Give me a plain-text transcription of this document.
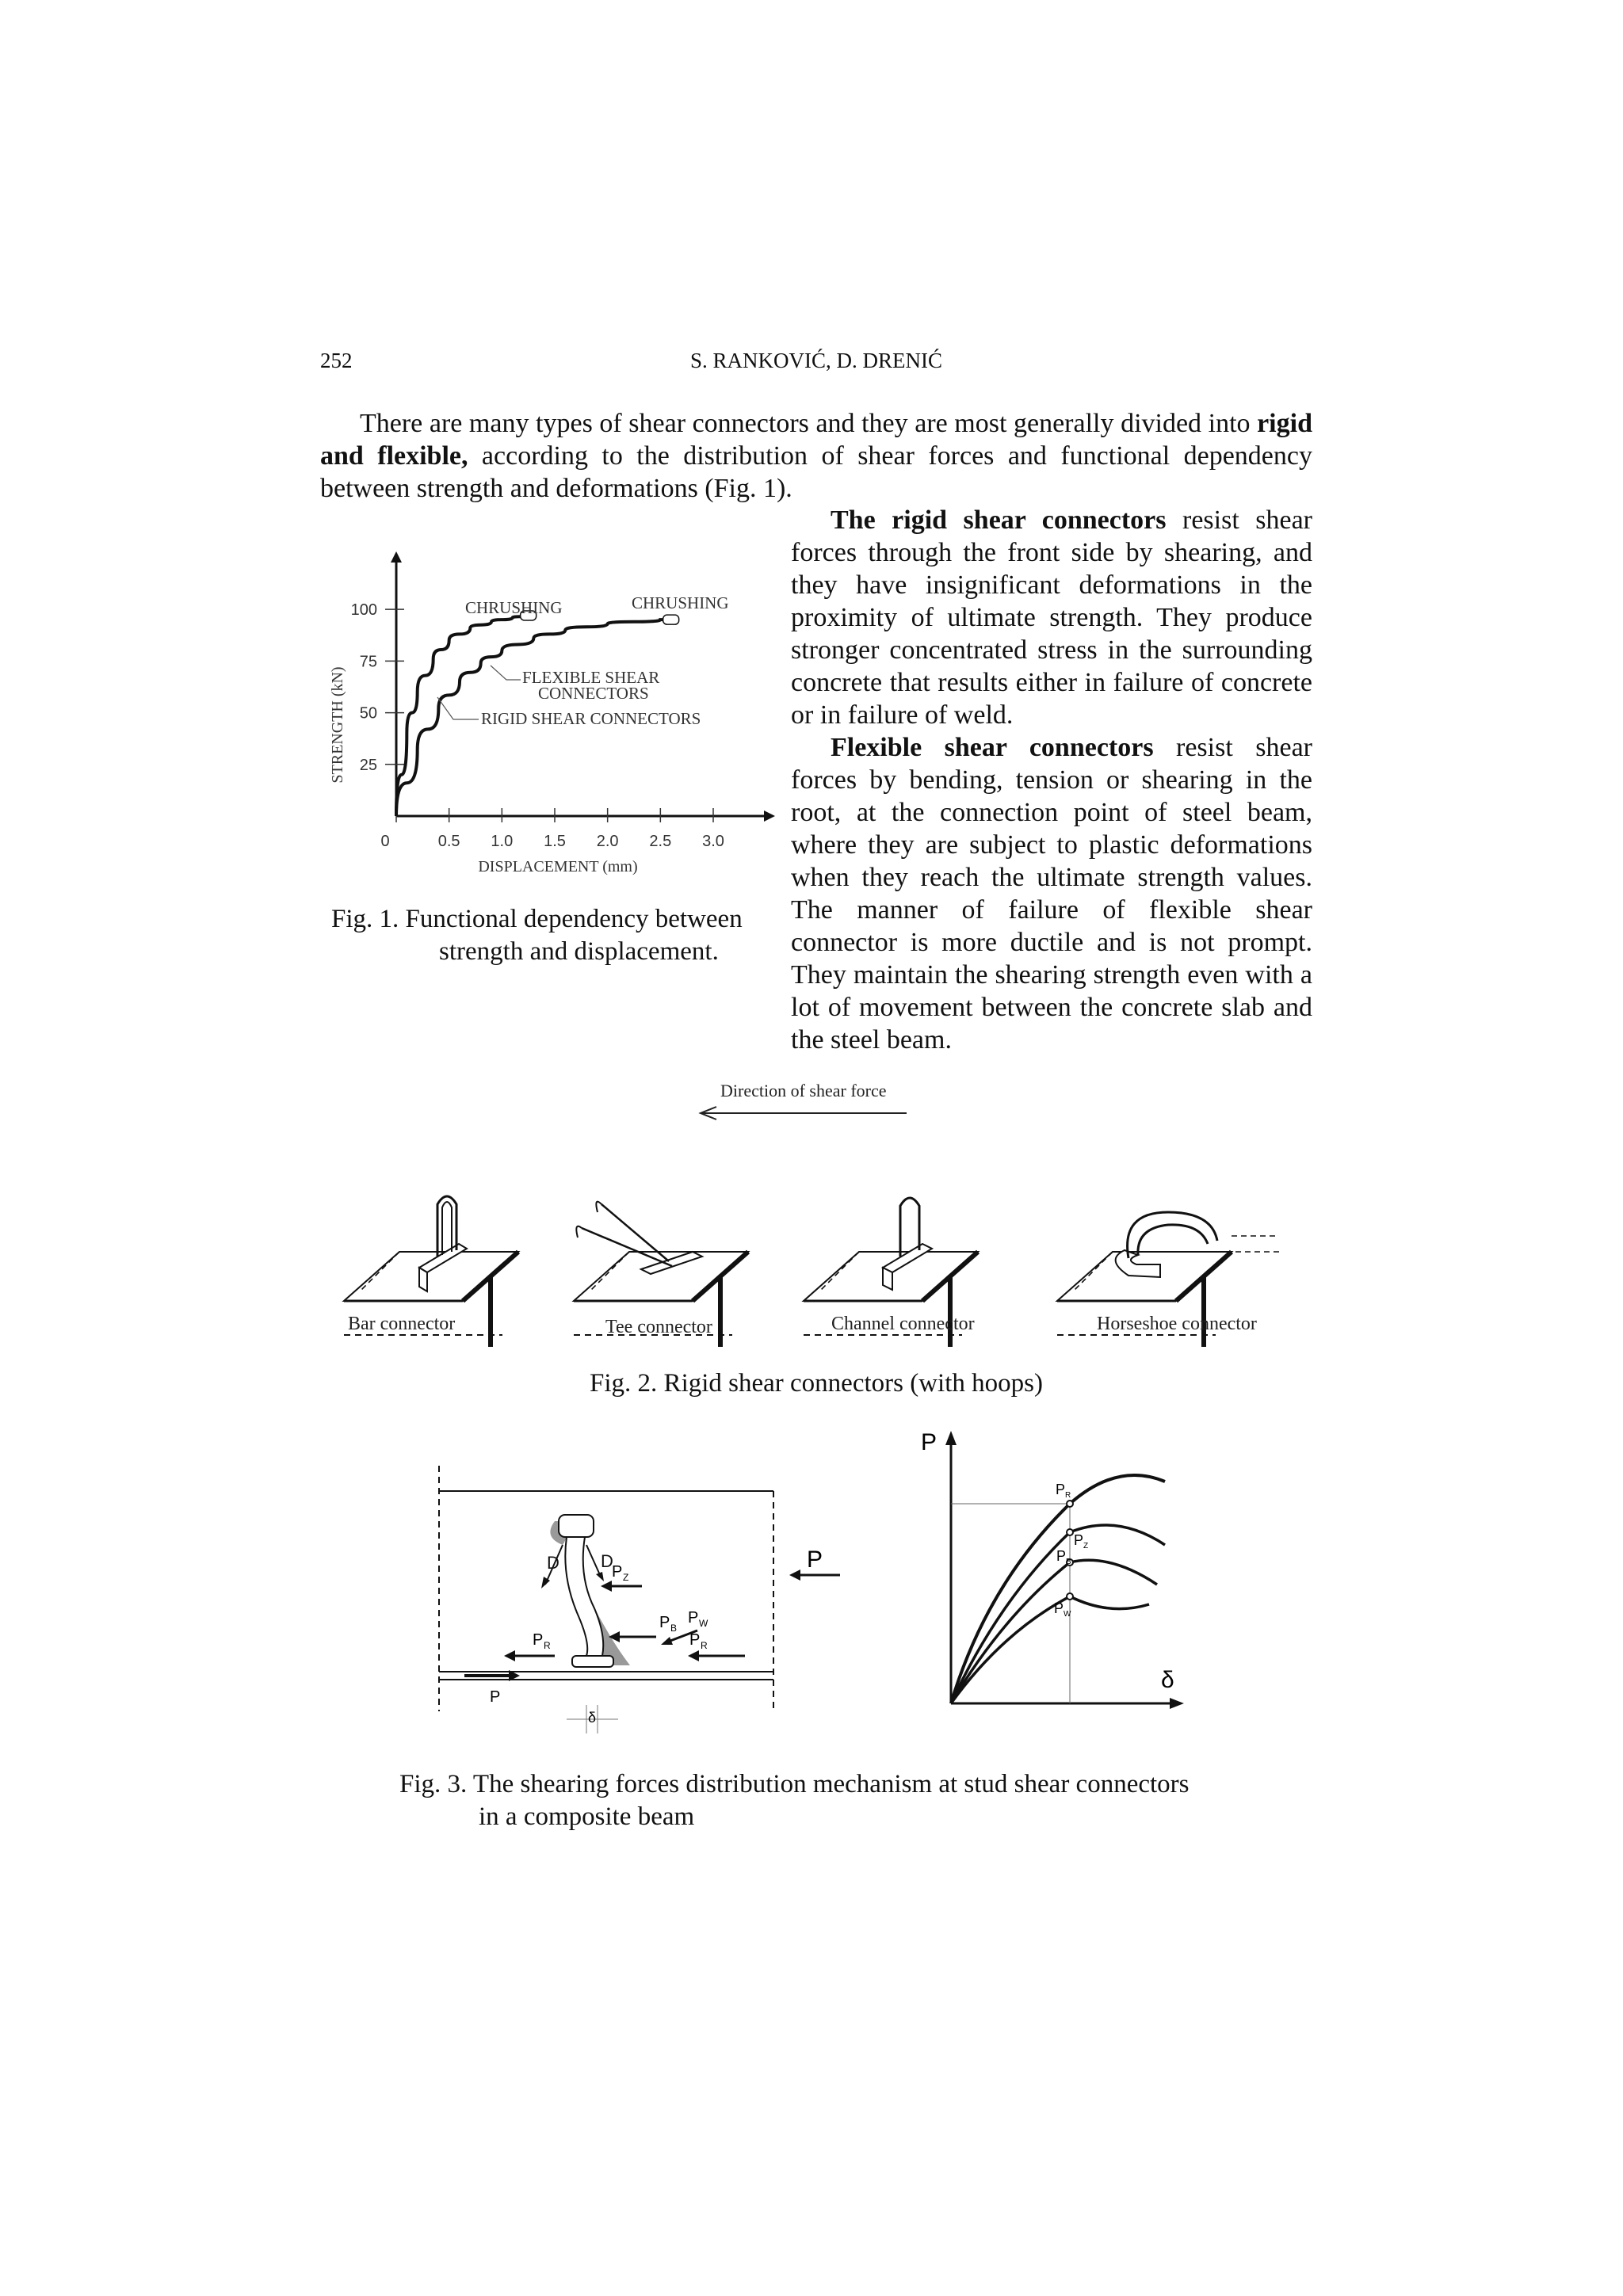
252	S. RANKOVIĆ, D. DRENIĆ

There are many types of shear connectors and they are most generally divided into rigid and flexible, according to the distribution of shear forces and functional dependency between strength and deformations (Fig. 1).

The rigid shear connectors resist shear forces through the front side by shearing, and they have insignificant deformations in the proximity of ultimate strength. They produce stronger concentrated stress in the surrounding concrete that results either in failure of concrete or in failure of weld.

Flexible shear connectors resist shear forces by bending, tension or shearing in the root, at the connection point of steel beam, where they are subject to plastic deformations when they reach the ultimate strength values. The manner of failure of flexible shear connector is more ductile and is not prompt. They maintain the shearing strength even with a lot of movement between the concrete slab and the steel beam.

STRENGTH (kN)
DISPLACEMENT (mm)
0	0.5 1.0 1.5 2.0 2.5 3.0
25
50
75
100	CHRUSHING	CHRUSHING
FLEXIBLE SHEAR
CONNECTORS
RIGID SHEAR CONNECTORS
Fig. 1. Functional dependency between
strength and displacement.
Direction of shear force
Bar connector	Tee connector	Channel connector	Horseshoe connector
Fig. 2. Rigid shear connectors (with hoops)
D D
P Z
P B
P W
P R
P R
P
P
δ
P
δ
P R
P Z
P B
P W
Fig. 3. The shearing forces distribution mechanism at stud shear connectors
in a composite beam
